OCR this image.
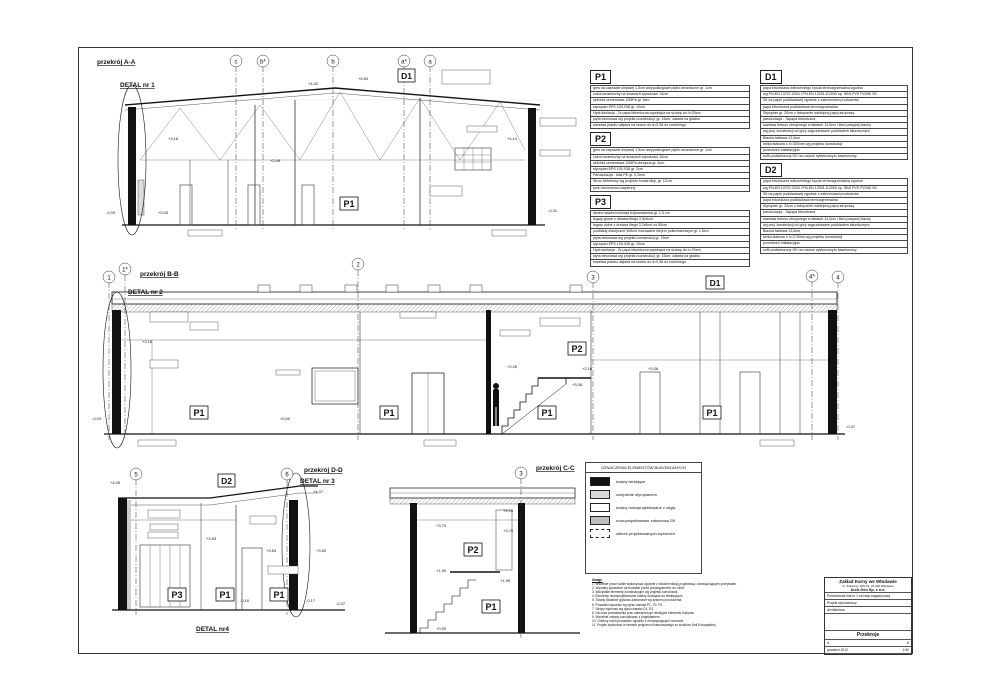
c	b*	b	a*	a
P1
D1
+4,42
+5,60
+3,16
+2,49
-0,03	-0,31
+0,00
+4,14
1
1*
2
3	4*	4
P1
P1
P2
P1	P1
D1
+3,16
+2,26
+3,06
+2,16	+3,06
-0,03
-0,47
+0,00
5	6
P3	P1	P1
D2
+4,05
+4,07
+3,83
+3,53
+3,53
-0,16	-0,17
-0,37
3
P2
P1
+4,04
+3,70
+3,70
+1,90
+1,96
+0,00
przekrój A-A
DETAL nr 1
przekrój B-B
DETAL nr 2
przekrój D-D
DETAL nr 3
DETAL nr4
przekrój C-C
P1
gres na zaprawie klejowej 1,5cm antypoślizgowe płytki ceramiczne gr. 1cm
cokół ceramiczny na ścianach wysokości 10cm
szlichta cementowa 12MPa gr. 6cm
styropian EPS 100-038 gr. 10cm
Hydroizolacja - 2x papa bitumiczna wywinięta na ścianę do h=20cm
płyta betonowa wg projektu konstrukcji, gr. 15cm, zatarta na gładko
warstwa piasku ubijana na mokro do d=0,98 do rodzimego
P2
gres na zaprawie klejowej 1,5cm antypoślizgowe płytki ceramiczne gr. 1cm
cokół ceramiczny na ścianach wysokości 10cm
szlichta cementowa 12MPa zbrojona gr. 4cm
styropian EPS 100-038 gr. 2cm
Paroizolacja - folia PE gr. 0,2mm
Strop żelbetowy wg projektu konstrukcji, gr. 12cm
tynk cementowo-wapienny
P3
deska nawierzchniowa trójwarstwowa gr. 1,5 cm
legary górne z drewna litego 2,5x5cm
legary dolne z drewna litego 3,2x6cm co 50cm
podkłady elastyczne 5x5cm mocowane klejem poliuretanowym gr. 1,6cm
płyta betonowa wg projektu konstrukcji gr. 15cm
styropian EPS 100-038 gr. 10cm
Hydroizolacja - 2x papa bitumiczna wywinięta na ścianę do h=20cm
płyta betonowa wg projektu konstrukcji, gr. 15cm, zatarta na gładko
warstwa piasku ubijana na mokro do d=0,98 do rodzimego
D1
papa bitumiczna wierzchniego krycia termozgrzewalna zgodna
wg PN-EN 13707:2004 i PN-EN 12001-5:2000 np. SBS PYE PV250 S5
S5 na papie podkładowej zgodnie z zaleceniami producenta
papa bitumiczna podkładowa termozgrzewalna
Styropian gr. 20cm z fabrycznie naklejoną papą stropową
paroizolacja - Tapapa bitumiczna
warstwa betonu zbrojonego w fałdach 13,5cm i 8cm powyżej blachy
wg proj. konstrukcji od góry zagruntowane podkładem bitumicznym
Blacha fałdowa 13,5cm
belka stalowa o h=300mm wg projektu konstrukcji
przestrzeń instalacyjna
sufit podwieszony GK na ruszcie systemowym kasetonowy
D2
papa bitumiczna wierzchniego krycia termozgrzewalna zgodna
wg PN-EN 13707:2004 i PN-EN 12001-5:2000 np. SBS PYE PV250 S5
S5 na papie podkładowej zgodnie z zaleceniami producenta
papa bitumiczna podkładowa termozgrzewalna
Styropian gr. 20cm z fabrycznie naklejoną papą stropową
paroizolacja - Tapapa bitumiczna
warstwa betonu zbrojonego w fałdach 13,5cm i 8cm powyżej blachy
wg proj. konstrukcji od góry zagruntowane podkładem bitumicznym
Blacha fałdowa 13,5cm
belka stalowa o h=270mm wg projektu konstrukcji
przestrzeń instalacyjna
sufit podwieszony GK na ruszcie systemowym kasetonowy
OZNACZENIA ELEMENTÓW BUDOWLANYCH
ściany istniejące
ocieplenie styropianem
ściany nowoprojektowane z cegły
nowoprojektowane zabudowa GK
zakres projektowanych wyburzeń
Uwagi:
1. Wszelkie prace ściśle wykonywać zgodnie z dokumentacją projektową i obowiązującymi przepisami.
2. Wymiary sprawdzić na budowie przed przystąpieniem do robót.
3. Wszystkie elementy konstrukcyjne wg projektu konstrukcji.
4. Elementy nowoprojektowane należy dowiązać do istniejących.
5. Ściany działowe gipsowo-kartonowe wg systemu producenta.
6. Posadzki wykonać wg opisu warstw P1, P2, P3.
7. Stropy wykonać wg opisu warstw D1, D2.
8. Na czas prowadzenia prac zabezpieczyć istniejące elementy budynku.
9. Wszelkie zmiany konsultować z projektantem.
10. Odbiory robót prowadzić zgodnie z obowiązującymi normami.
11. Projekt wykonano w ramach programu finansowanego ze środków Unii Europejskiej.
Zakład Karny we Włodawie
ul. Żołnierzy WiN 10, 22-200 Włodawa
Arch-Gen Sp. z o.o.
Przebudowa hali nr 1 na halę magazynową
Projekt wykonawczy
Architektura
Przekroje
A	6
grudzień 2012	1:50
